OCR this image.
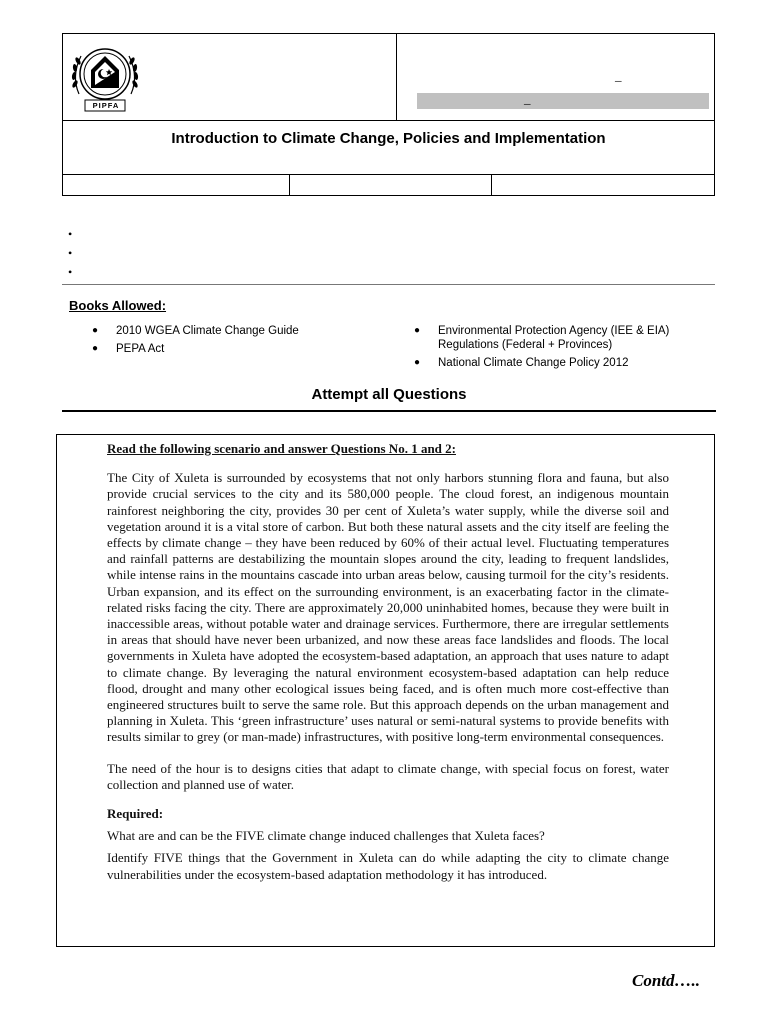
PIPFA	_
_
Introduction to Climate Change, Policies and Implementation
•
•
•
Books Allowed:
● 2010 WGEA Climate Change Guide
● PEPA Act
● Environmental Protection Agency (IEE & EIA) Regulations (Federal + Provinces)
● National Climate Change Policy 2012
Attempt all Questions

Read the following scenario and answer Questions No. 1 and 2:

The City of Xuleta is surrounded by ecosystems that not only harbors stunning flora and fauna, but also provide crucial services to the city and its 580,000 people. The cloud forest, an indigenous mountain rainforest neighboring the city, provides 30 per cent of Xuleta’s water supply, while the diverse soil and vegetation around it is a vital store of carbon. But both these natural assets and the city itself are feeling the effects by climate change – they have been reduced by 60% of their actual level. Fluctuating temperatures and rainfall patterns are destabilizing the mountain slopes around the city, leading to frequent landslides, while intense rains in the mountains cascade into urban areas below, causing turmoil for the city’s residents. Urban expansion, and its effect on the surrounding environment, is an exacerbating factor in the climate-related risks facing the city. There are approximately 20,000 uninhabited homes, because they were built in inaccessible areas, without potable water and drainage services. Furthermore, there are irregular settlements in areas that should have never been urbanized, and now these areas face landslides and floods. The local governments in Xuleta have adopted the ecosystem-based adaptation, an approach that uses nature to adapt to climate change. By leveraging the natural environment ecosystem-based adaptation can help reduce flood, drought and many other ecological issues being faced, and is often much more cost-effective than engineered structures built to serve the same role. But this approach depends on the urban management and planning in Xuleta. This ‘green infrastructure’ uses natural or semi-natural systems to provide benefits with results similar to grey (or man-made) infrastructures, with positive long-term environmental consequences.

The need of the hour is to designs cities that adapt to climate change, with special focus on forest, water collection and planned use of water.

Required:

What are and can be the FIVE climate change induced challenges that Xuleta faces?

Identify FIVE things that the Government in Xuleta can do while adapting the city to climate change vulnerabilities under the ecosystem-based adaptation methodology it has introduced.

Contd…..
